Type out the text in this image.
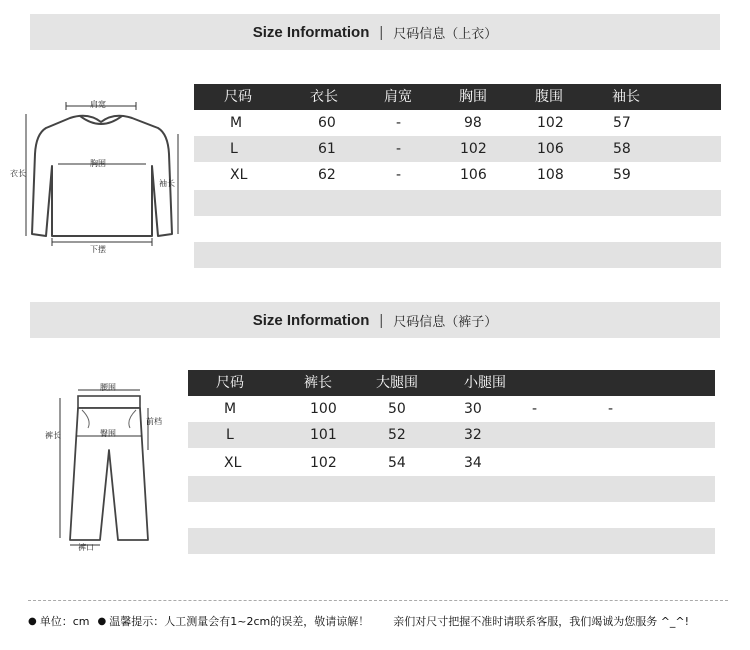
Size Information | 尺码信息（上衣）
肩宽
胸围
衣长
袖长
下摆
尺码	衣长	肩宽	胸围	腹围	袖长
M	60	-	98	102	57
L	61	-	102	106	58
XL	62	-	106	108	59
Size Information | 尺码信息（裤子）
腰围
臀围
裤长
前档
裤口
尺码	裤长	大腿围	小腿围
M	100	50	30	-	-
L	101	52	32
XL	102	54	34
● 单位：cm ● 温馨提示：人工测量会有1~2cm的误差，敬请谅解！ 亲们对尺寸把握不准时请联系客服，我们竭诚为您服务 ^_^!
